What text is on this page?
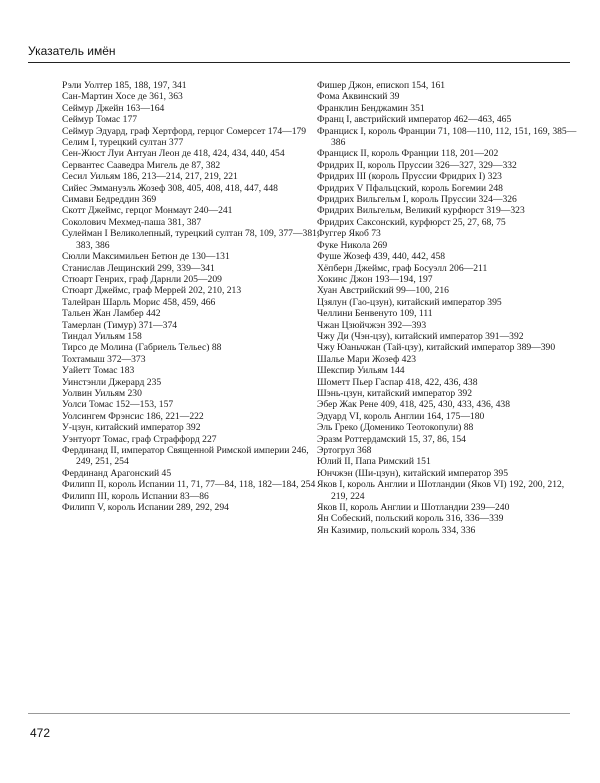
Указатель имён

Рэли Уолтер 185, 188, 197, 341

Сан-Мартин Хосе де 361, 363

Сеймур Джейн 163—164

Сеймур Томас 177

Сеймур Эдуард, граф Хертфорд, герцог Сомерсет 174—179

Селим I, турецкий султан 377

Сен-Жюст Луи Антуан Леон де 418, 424, 434, 440, 454

Сервантес Сааведра Мигель де 87, 382

Сесил Уильям 186, 213—214, 217, 219, 221

Сийес Эммануэль Жозеф 308, 405, 408, 418, 447, 448

Симави Бедреддин 369

Скотт Джеймс, герцог Монмаут 240—241

Соколович Мехмед-паша 381, 387

Сулейман I Великолепный, турецкий султан 78, 109, 377—381, 383, 386

Сюлли Максимильен Бетюн де 130—131

Станислав Лещинский 299, 339—341

Стюарт Генрих, граф Дарнли 205—209

Стюарт Джеймс, граф Меррей 202, 210, 213

Талейран Шарль Морис 458, 459, 466

Тальен Жан Ламбер 442

Тамерлан (Тимур) 371—374

Тиндал Уильям 158

Тирсо де Молина (Габриель Тельес) 88

Тохтамыш 372—373

Уайетт Томас 183

Уинстэнли Джерард 235

Уолвин Уильям 230

Уолси Томас 152—153, 157

Уолсингем Фрэнсис 186, 221—222

У-цзун, китайский император 392

Уэнтуорт Томас, граф Страффорд 227

Фердинанд II, император Священной Римской империи 246, 249, 251, 254

Фердинанд Арагонский 45

Филипп II, король Испании 11, 71, 77—84, 118, 182—184, 254

Филипп III, король Испании 83—86

Филипп V, король Испании 289, 292, 294

Фишер Джон, епископ 154, 161

Фома Аквинский 39

Франклин Бенджамин 351

Франц I, австрийский император 462—463, 465

Франциск I, король Франции 71, 108—110, 112, 151, 169, 385—386

Франциск II, король Франции 118, 201—202

Фридрих II, король Пруссии 326—327, 329—332

Фридрих III (король Пруссии Фридрих I) 323

Фридрих V Пфальцский, король Богемии 248

Фридрих Вильгельм I, король Пруссии 324—326

Фридрих Вильгельм, Великий курфюрст 319—323

Фридрих Саксонский, курфюрст 25, 27, 68, 75

Фуггер Якоб 73

Фуке Никола 269

Фуше Жозеф 439, 440, 442, 458

Хёпберн Джеймс, граф Босуэлл 206—211

Хокинс Джон 193—194, 197

Хуан Австрийский 99—100, 216

Цзялун (Гао-цзун), китайский император 395

Челлини Бенвенуто 109, 111

Чжан Цзюйчжэн 392—393

Чжу Ди (Чэн-цзу), китайский император 391—392

Чжу Юаньчжан (Тай-цзу), китайский император 389—390

Шалье Мари Жозеф 423

Шекспир Уильям 144

Шометт Пьер Гаспар 418, 422, 436, 438

Шэнь-цзун, китайский император 392

Эбер Жак Рене 409, 418, 425, 430, 433, 436, 438

Эдуард VI, король Англии 164, 175—180

Эль Греко (Доменико Теотокопули) 88

Эразм Роттердамский 15, 37, 86, 154

Эртогрул 368

Юлий II, Папа Римский 151

Юнчжэн (Ши-цзун), китайский император 395

Яков I, король Англии и Шотландии (Яков VI) 192, 200, 212, 219, 224

Яков II, король Англии и Шотландии 239—240

Ян Собеский, польский король 316, 336—339

Ян Казимир, польский король 334, 336

472
